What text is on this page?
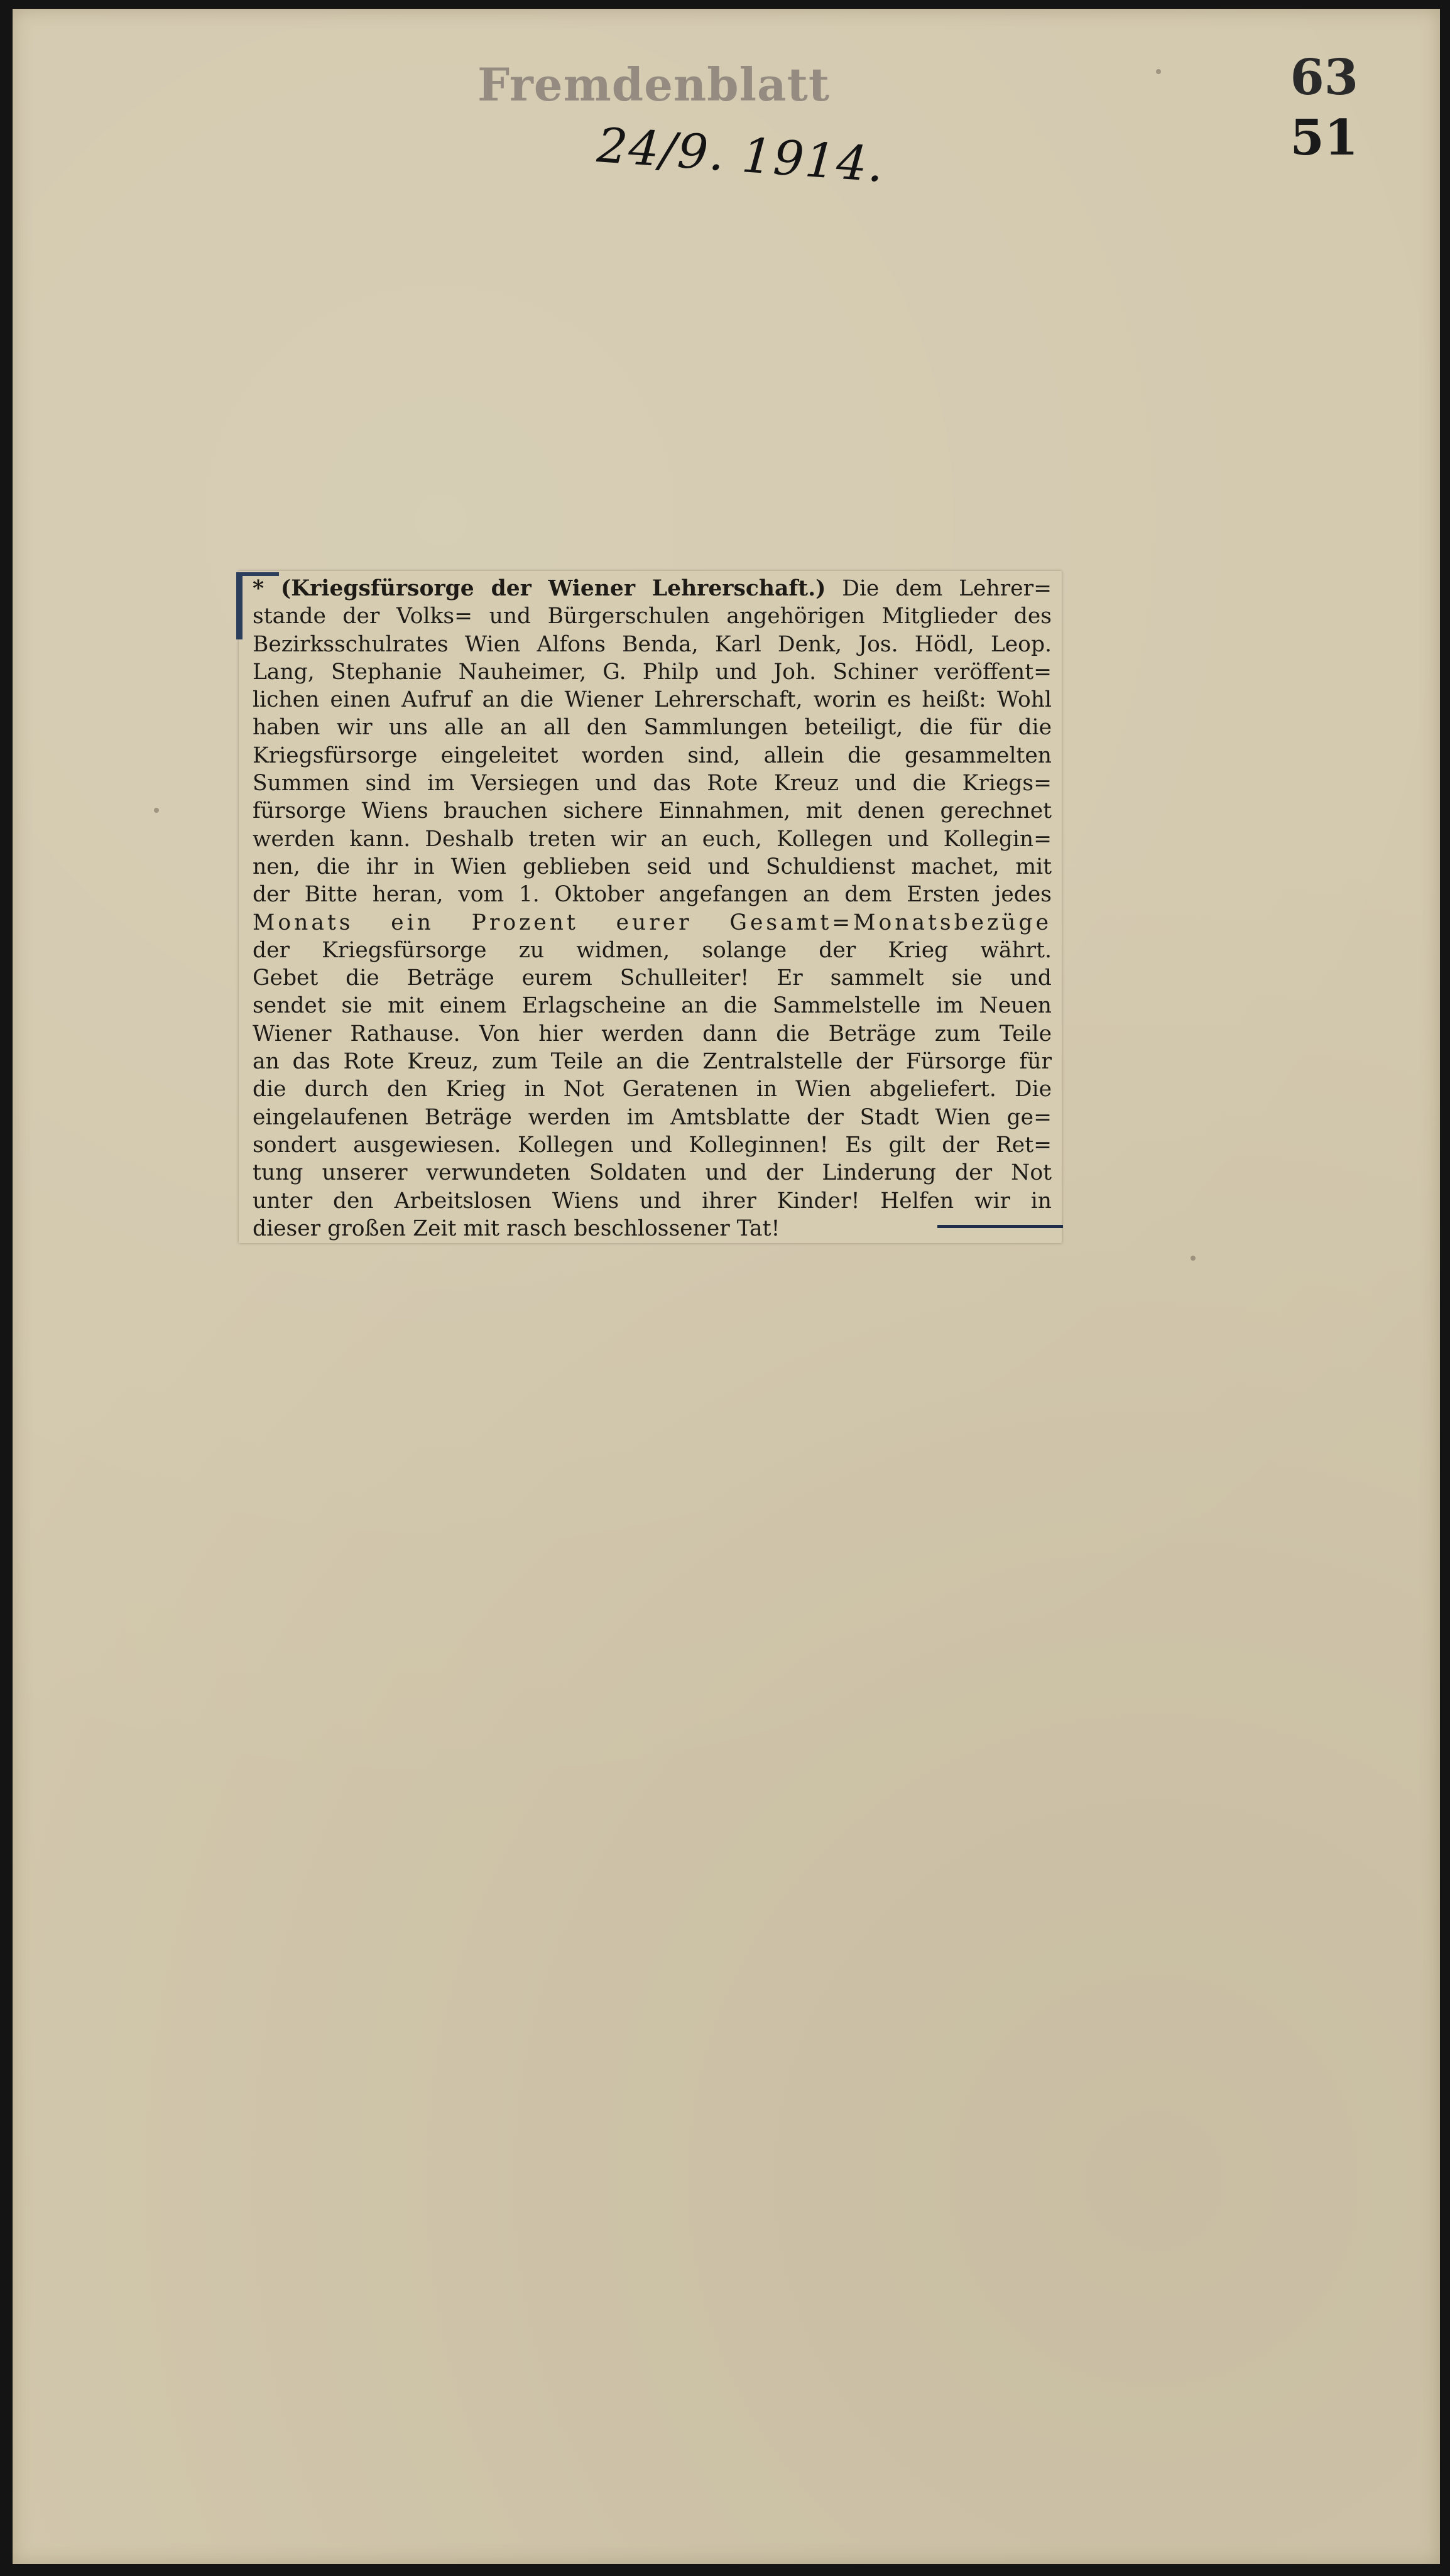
Fremdenblatt
24/9. 1914.
63
51
* (Kriegsfürsorge der Wiener Lehrerschaft.) Die dem Lehrer=
stande der Volks= und Bürgerschulen angehörigen Mitglieder des
Bezirksschulrates Wien Alfons Benda, Karl Denk, Jos. Hödl, Leop.
Lang, Stephanie Nauheimer, G. Philp und Joh. Schiner veröffent=
lichen einen Aufruf an die Wiener Lehrerschaft, worin es heißt: Wohl
haben wir uns alle an all den Sammlungen beteiligt, die für die
Kriegsfürsorge eingeleitet worden sind, allein die gesammelten
Summen sind im Versiegen und das Rote Kreuz und die Kriegs=
fürsorge Wiens brauchen sichere Einnahmen, mit denen gerechnet
werden kann. Deshalb treten wir an euch, Kollegen und Kollegin=
nen, die ihr in Wien geblieben seid und Schuldienst machet, mit
der Bitte heran, vom 1. Oktober angefangen an dem Ersten jedes
Monats ein Prozent eurer Gesamt=Monatsbezüge
der Kriegsfürsorge zu widmen, solange der Krieg währt.
Gebet die Beträge eurem Schulleiter! Er sammelt sie und
sendet sie mit einem Erlagscheine an die Sammelstelle im Neuen
Wiener Rathause. Von hier werden dann die Beträge zum Teile
an das Rote Kreuz, zum Teile an die Zentralstelle der Fürsorge für
die durch den Krieg in Not Geratenen in Wien abgeliefert. Die
eingelaufenen Beträge werden im Amtsblatte der Stadt Wien ge=
sondert ausgewiesen. Kollegen und Kolleginnen! Es gilt der Ret=
tung unserer verwundeten Soldaten und der Linderung der Not
unter den Arbeitslosen Wiens und ihrer Kinder! Helfen wir in
dieser großen Zeit mit rasch beschlossener Tat!
